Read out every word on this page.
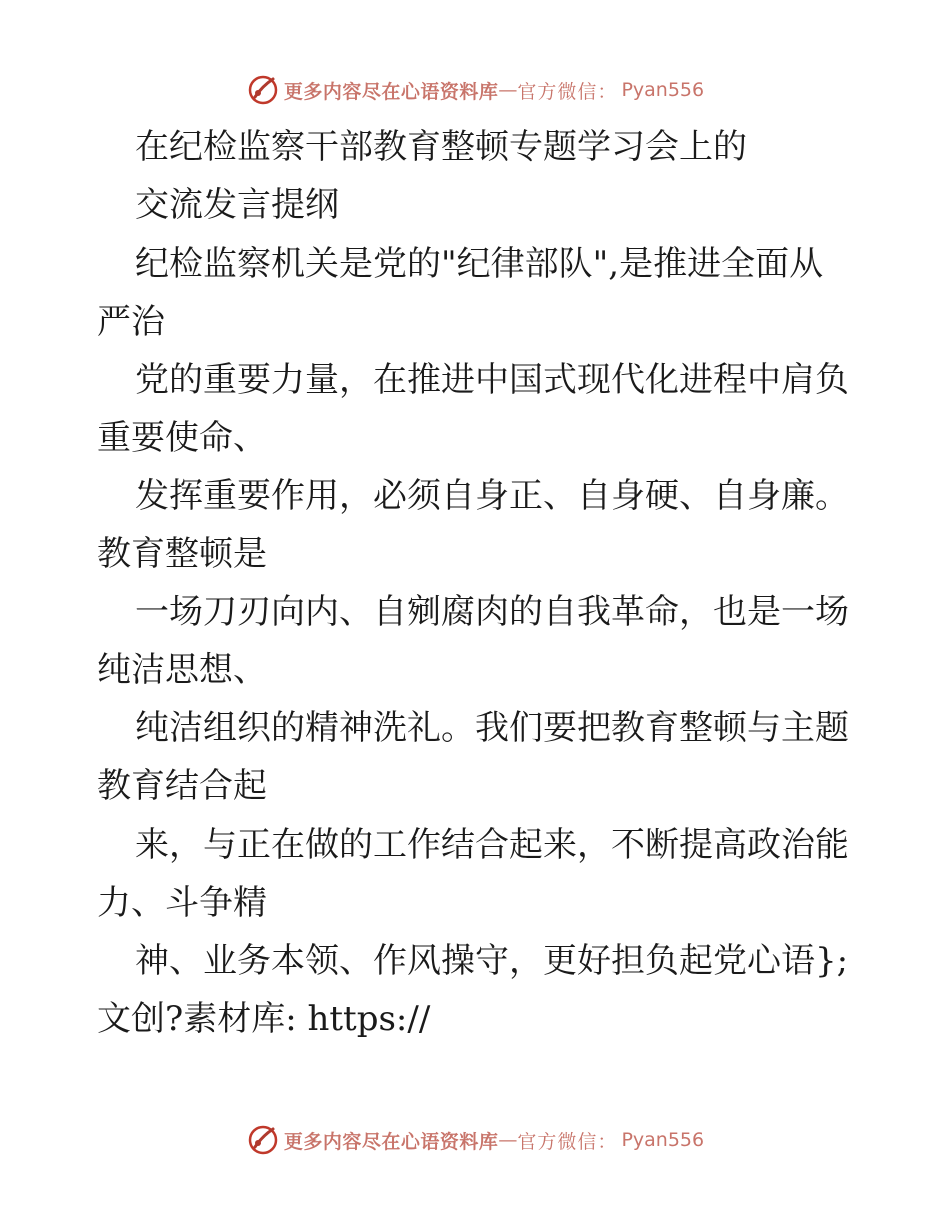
更多内容尽在心语资料库 — 官方微信： Pyan556
在纪检监察干部教育整顿专题学习会上的
交流发言提纲
纪检监察机关是党的"纪律部队",是推进全面从
严治
党的重要力量，在推进中国式现代化进程中肩负
重要使命、
发挥重要作用，必须自身正、自身硬、自身廉。
教育整顿是
一场刀刃向内、自剜腐肉的自我革命，也是一场
纯洁思想、
纯洁组织的精神洗礼。我们要把教育整顿与主题
教育结合起
来，与正在做的工作结合起来，不断提高政治能
力、斗争精
神、业务本领、作风操守，更好担负起党心语};
文创?素材库: https://
更多内容尽在心语资料库 — 官方微信： Pyan556
